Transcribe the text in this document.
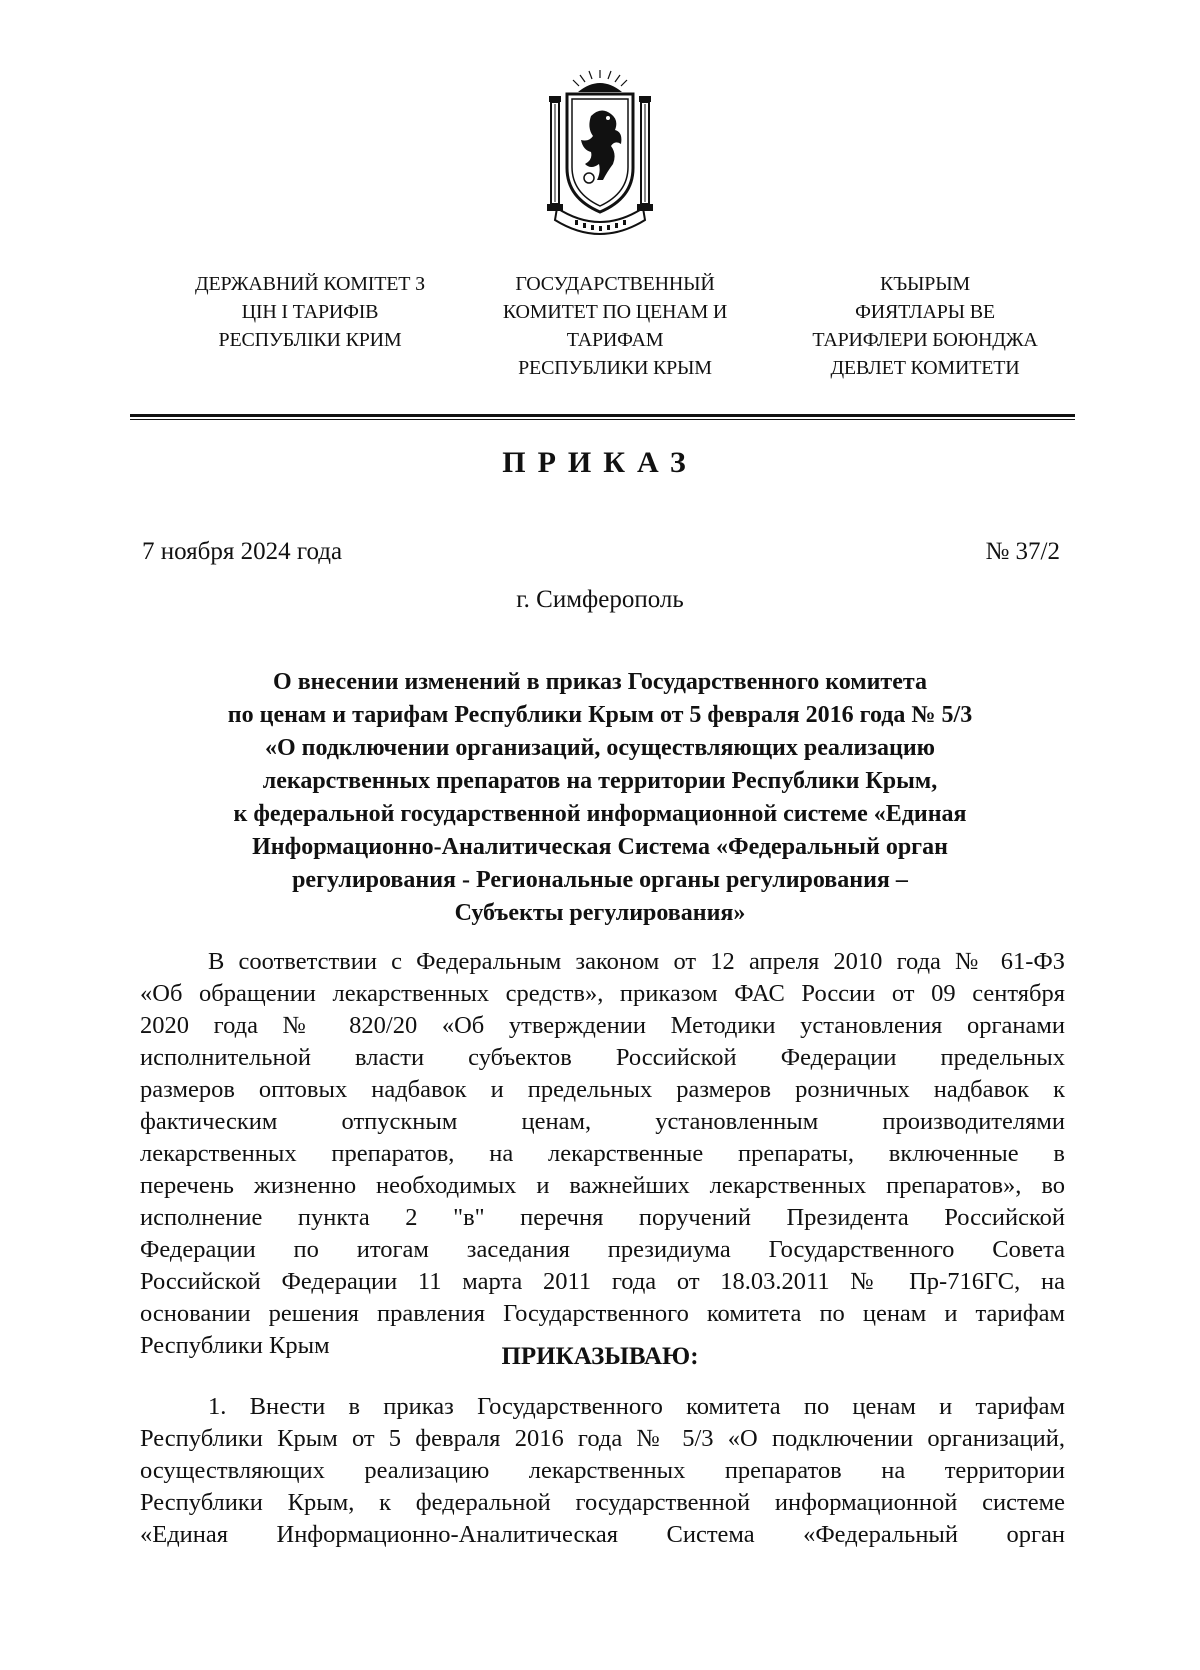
ДЕРЖАВНИЙ КОМІТЕТ З
ЦІН І ТАРИФІВ
РЕСПУБЛІКИ КРИМ
ГОСУДАРСТВЕННЫЙ
КОМИТЕТ ПО ЦЕНАМ И
ТАРИФАМ
РЕСПУБЛИКИ КРЫМ
КЪЫРЫМ
ФИЯТЛАРЫ ВЕ
ТАРИФЛЕРИ БОЮНДЖА
ДЕВЛЕТ КОМИТЕТИ
ПРИКАЗ
7 ноября 2024 года	№ 37/2
г. Симферополь
О внесении изменений в приказ Государственного комитета
по ценам и тарифам Республики Крым от 5 февраля 2016 года № 5/3
«О подключении организаций, осуществляющих реализацию
лекарственных препаратов на территории Республики Крым,
к федеральной государственной информационной системе «Единая
Информационно-Аналитическая Система «Федеральный орган
регулирования - Региональные органы регулирования –
Субъекты регулирования»
В соответствии с Федеральным законом от 12 апреля 2010 года № 61-ФЗ
«Об обращении лекарственных средств», приказом ФАС России от 09 сентября
2020 года № 820/20 «Об утверждении Методики установления органами
исполнительной власти субъектов Российской Федерации предельных
размеров оптовых надбавок и предельных размеров розничных надбавок к
фактическим отпускным ценам, установленным производителями
лекарственных препаратов, на лекарственные препараты, включенные в
перечень жизненно необходимых и важнейших лекарственных препаратов», во
исполнение пункта 2 "в" перечня поручений Президента Российской
Федерации по итогам заседания президиума Государственного Совета
Российской Федерации 11 марта 2011 года от 18.03.2011 № Пр-716ГС, на
основании решения правления Государственного комитета по ценам и тарифам
Республики Крым	ПРИКАЗЫВАЮ:
1. Внести в приказ Государственного комитета по ценам и тарифам
Республики Крым от 5 февраля 2016 года № 5/3 «О подключении организаций,
осуществляющих реализацию лекарственных препаратов на территории
Республики Крым, к федеральной государственной информационной системе
«Единая Информационно-Аналитическая Система «Федеральный орган
